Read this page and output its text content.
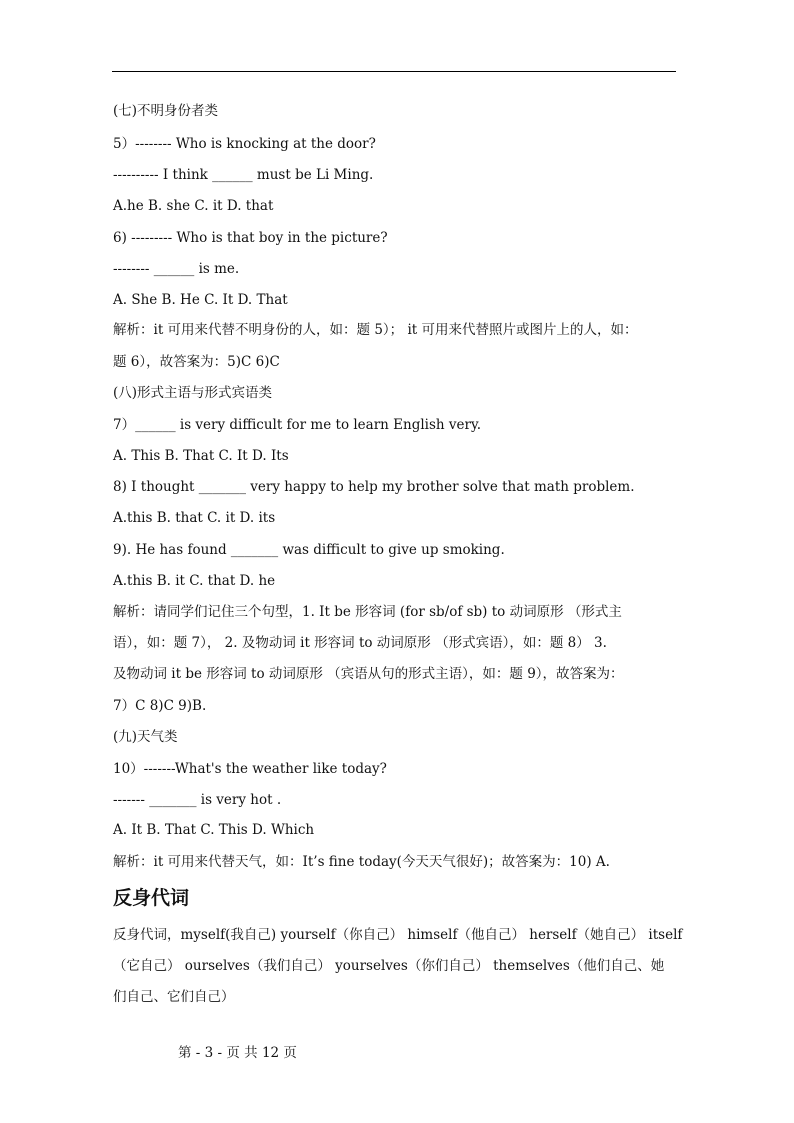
(七)不明身份者类
5）-------- Who is knocking at the door?
---------- I think ______ must be Li Ming.
A.he B. she C. it D. that
6) --------- Who is that boy in the picture?
-------- ______ is me.
A. She B. He C. It D. That
解析：it 可用来代替不明身份的人，如：题 5）； it 可用来代替照片或图片上的人，如：
题 6），故答案为：5)C 6)C
(八)形式主语与形式宾语类
7）______ is very difficult for me to learn English very.
A. This B. That C. It D. Its
8) I thought _______ very happy to help my brother solve that math problem.
A.this B. that C. it D. its
9). He has found _______ was difficult to give up smoking.
A.this B. it C. that D. he
解析：请同学们记住三个句型，1. It be 形容词 (for sb/of sb) to 动词原形 （形式主
语），如：题 7）， 2. 及物动词 it 形容词 to 动词原形 （形式宾语），如：题 8） 3.
及物动词 it be 形容词 to 动词原形 （宾语从句的形式主语），如：题 9），故答案为：
7）C 8)C 9)B.
(九)天气类
10）-------What's the weather like today?
------- _______ is very hot .
A. It B. That C. This D. Which
解析：it 可用来代替天气，如：It’s fine today(今天天气很好)；故答案为：10) A.
反身代词
反身代词，myself(我自己) yourself（你自己） himself（他自己） herself（她自己） itself
（它自己） ourselves（我们自己） yourselves（你们自己） themselves（他们自己、她
们自己、它们自己）
第 - 3 - 页 共 12 页
